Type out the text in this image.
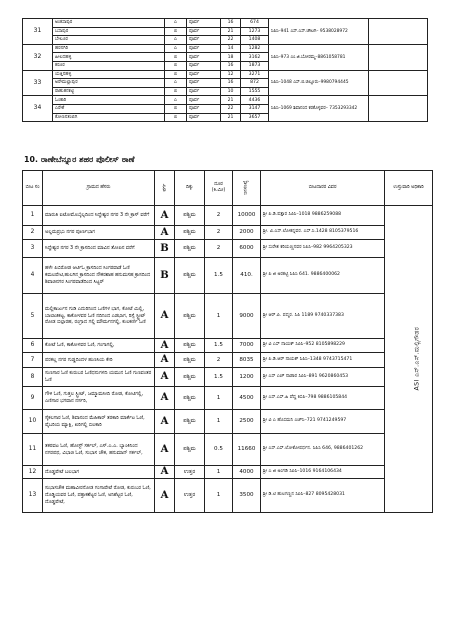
31	ಅಂಕಸಾಪುರ	ಎ	ಪೂರ್ವ	16	674	ಸಿಪಿಸಿ–941 ಎಸ್.ಎಸ್.ಚೌಟಗಿ– 9538028972	
	ಬಸಾಪುರ	ಬಿ	ಪೂರ್ವ	21	1273		
	ಬೇಲೂರ	ಎ	ಪೂರ್ವ	22	1408		
32	ಹರನಗಿರಿ	ಎ	ಪೂರ್ವ	14	1282	ಸಿಪಿಸಿ–973 ಎಂ.ಜಿ.ಬೋರಮ್ಮ–8861058781	
	ಹೀಲದಹಳ್ಳಿ	ಬಿ	ಪೂರ್ವ	18	3162		
	ಕರೂರ	ಬಿ	ಪೂರ್ವ	16	1873		
33	ಯತ್ತಿನಹಳ್ಳಿ	ಬಿ	ಪೂರ್ವ	12	3271	ಸಿಪಿಸಿ–1048 ಎಸ್.ಬಿ.ಚಿಲ್ಲೂರು–9980794445	
	ಅರೇಮಲ್ಲಾಪುರ	ಎ	ಪೂರ್ವ	16	872		
	ರಾಹುತನಕಟ್ಟಿ	ಬಿ	ಪೂರ್ವ	10	1555		
34	ಓಂಕಾರಿ	ಎ	ಪೂರ್ವ	21	4436	ಸಿಪಿಸಿ–1069 ಶಿವಾನಂದ ಕರಕೊಳ್ಳವರ– 7353293342	
	ಎರೇಕೆ	ಬಿ	ಪೂರ್ವ	22	3147		
	ಕೋಣನತಂಬಿಗಿ	ಬಿ	ಪೂರ್ವ	21	3657		
10. ರಾಣೇಬೆನ್ನೂರ ಶಹರ ಪೊಲೀಸ್ ಠಾಣೆ
ಬೀಟ ಸಂ	ಗ್ರಾಮದ ಹೆಸರು	ವರ್ಗ	ದಿಕ್ಕು	ದೂರ (ಕಿ.ಮೀ)	ಜನಸಂಖ್ಯೆ	ಬೀಟದಾರರ ವಿವರ	ಉಸ್ತುವಾರಿ ಅಧಿಕಾರಿ
1	ಮಾರುತಿ ಐಟೋಮೊಬೈಲ್ಸದಿಂದ ಸಿದ್ದೇಶ್ವರ ನಗರ 3 ನೇ ಕ್ರಾಸ್ ವರೆಗೆ	A	ಪಶ್ಚಿಮ	2	10000	ಶ್ರೀ ಪಿ.ಡಿ.ಪತ್ತಾರ ಸಿಪಿಸಿ–1018 9886259088	ASI ಎಸ್.ಎಸ್.ಮಲ್ಲಿಗೌಡರ
2	ಅಲ್ಲಮಪ್ರಭು ನಗರ ಪೂರ್ಣಭಾಗ	A	ಪಶ್ಚಿಮ	2	2000	ಶ್ರೀ. ವಿ.ಎಸ್.ಲೋಕನ್ನವರ. ಎಸ್.ಸಿ.1428 8105379516	
3	ಸಿದ್ದೇಶ್ವರ ನಗರ 3 ನೇ ಕ್ರಾಸದಿಂದ ಮಾವಿನ ತೋಪಿನ ವರೆಗೆ	B	ಪಶ್ಚಿಮ	2	6000	ಶ್ರೀ ಸುರೇಶ ಕರಿಯಣ್ಣನವರ ಸಿಪಿಸಿ–982 9964205323	
4	ಹಳೇ ಪಿಬಿರೋಡ ಆರ್ಟಿಓ ಕ್ರಾಸದಿಂದ ಸಿಂಗರವಾಡೆ ಓಣಿ ಕಮಲಪೇಟಿ,ಹುಲಗಿನ ಕ್ರಾಸದಿಂದ ನೌಕರಶಾಹ ಹನುಮಸಹ ಕ್ರಾಸದಿಂದ ಶಿವಾಜಿನಗರ ಸಿಂಗರವಾಡೆದಿಂದ ಸಿಟ್ಟರ್	B	ಪಶ್ಚಿಮ	1.5	410.	ಶ್ರೀ ಪಿ ಜಿ ಅರಕಟ್ಟಿ ಸಿಪಿಸಿ 641. 9886400062	
5	ಮಲ್ಲಿಕಾರ್ಜುನ ಗುಡಿ ಎದುರಿನಿಂದ ಒಣಿಗಳ ಭಾಗ, ಕೋಟೆ ಮಿಲ್ಲಿ, ಬಾಲಾಜಿಕಟ್ಟ, ಕಾಕೋಳವರ ಓಣಿ ನದಿನಿಂದ ಎಡಭಾಗ, ರಿಸ್ಸೆ ಸ್ಟ್ರೀಟ್ ರೋಡ ಬಿಲ್ಗಾರಹ, ರಂಗ್ರಾದ ಗಲ್ಲಿ ಮೌರ್ಮನಗಲ್ಲಿ, ಕುಲಕರ್ಣಿ ಓಣಿ	A	ಪಶ್ಚಿಮ	1	9000	ಶ್ರೀ ಆರ್.ಪಿ. ಪದ್ಮರ. ಸಿಪಿ 1189 9740337383	
6	ಕೋಟೆ ಓಣಿ, ಕಾಕೋಳವರ ಓಣಿ, ಗಂಗಾಗಲ್ಲಿ,	A	ಪಶ್ಚಿಮ	1.5	7000	ಶ್ರೀ ವಿ ಎಸ್ ನಾಯಕ್ ಸಿಪಿಸಿ–952 8105898229	
7	ಪರಕಲ್ಲ ನಗರ ಗುಡ್ಡದಿಂದಳ ಹುಣಸಿಯ ಕೇರಿ	A	ಪಶ್ಚಿಮ	2	8035	ಶ್ರೀ ಪಿ.ಡಿ.ಆರ್ ನಾಯಕ್ ಸಿಪಿಸಿ–1348 9743715471	
8	ಸುಣಗಾರ ಓಣಿ ಕುರುಬರ ಓಣಿಧನುಗಳದಿ ಯಮುನ ಓಣಿ ಗುಣವಂತರ ಓಣಿ	A	ಪಶ್ಚಿಮ	1.5	1200	ಶ್ರೀ ಎಸ್ ಎಚ್ ನಾಡಾರ ಸಿಪಿಸಿ–891 9620860453	
9	ಗೌಳಿ ಓಣಿ, ಗುತ್ತಲ ಸ್ಟ್ರೀಟ್, ಜಮ್ಮಾಮಸೀದಿ ರೋಡ, ಕೋಟಿಗಲ್ಲಿ, ಎಣಿಗಾರ ಭಗವಾನ ನರ್ಸರಿ,	A	ಪಶ್ಚಿಮ	1	4500	ಶ್ರೀ ಎಸ್.ಎಸ್.ಹಿ ಪೆದ್ದ ಕಿಸಪಿ–798 9886105844	
10	ಸೈಕಲಗಾರ ಓಣಿ, ಶಿವಾನಂದ ಮೆಹಿಕಾರ್ ತರಕಾರಿ ಮಾರ್ಕೆಟ ಓಣಿ, ಪೈಬರಿಯ ಮ್ಯಾಕ್ಷಿ, ಖರಿಗಲ್ಲಿ ಬಿಲಕಾರಿ	A	ಪಶ್ಚಿಮ	1	2500	ಶ್ರೀ ವಿ ಎ ಹೊಸಮನಿ ಎಚ್‌ಸಿ–721 9741249597	
11	ತಕರವಟ ಓಣಿ, ಹೋಸ್ಟ್ ಸರ್ಕಲ್, ಎಸ್.ಎ.ಎ. ಬ್ಯಾಂಕಿನಿಂದ ನಗರಪಥ, ವಿಭಾಜಿ ಓಣಿ, ಸುಭಾಸ ಚೌಕ, ಹನುಮಾನ್ ಸರ್ಕಲ್,	A	ಪಶ್ಚಿಮ	0.5	11660	ಶ್ರೀ ಎಸ್.ಎಸ್.ಲೋಕೋಪರ್ಧನ. ಸಿಪಿಸಿ 646, 9886401262	
12	ದೊಡ್ಡಪೇಟೆ ಬಲಭಾಗ	A	ಉತ್ತರ	1	4000	ಶ್ರೀ ಎ ಜಿ ಅಂಗಡಿ ಸಿಪಿಸಿ–1016 9164106434	
13	ಸುಭಾಸಚೌಕ ಮಹಾವೀರನೋಡ ಗಂಗಾಪೇಟೆ ರೋಡ, ಕುರುಬರ ಓಣಿ, ದೊಡ್ಡಿಯವರ ಓಣಿ, ಪತ್ತಾಕಶೆಟ್ಟರ ಓಣಿ, ಅನಿಶೆಟ್ಟರ ಓಣಿ, ದೊಡ್ಡಪೇಟೆ,	A	ಉತ್ತರ	1	3500	ಶ್ರೀ ಡಿ.ಟಿ ಹುಲಗಣ್ಣನ ಸಿಪಿಸಿ–827 8095428031	
